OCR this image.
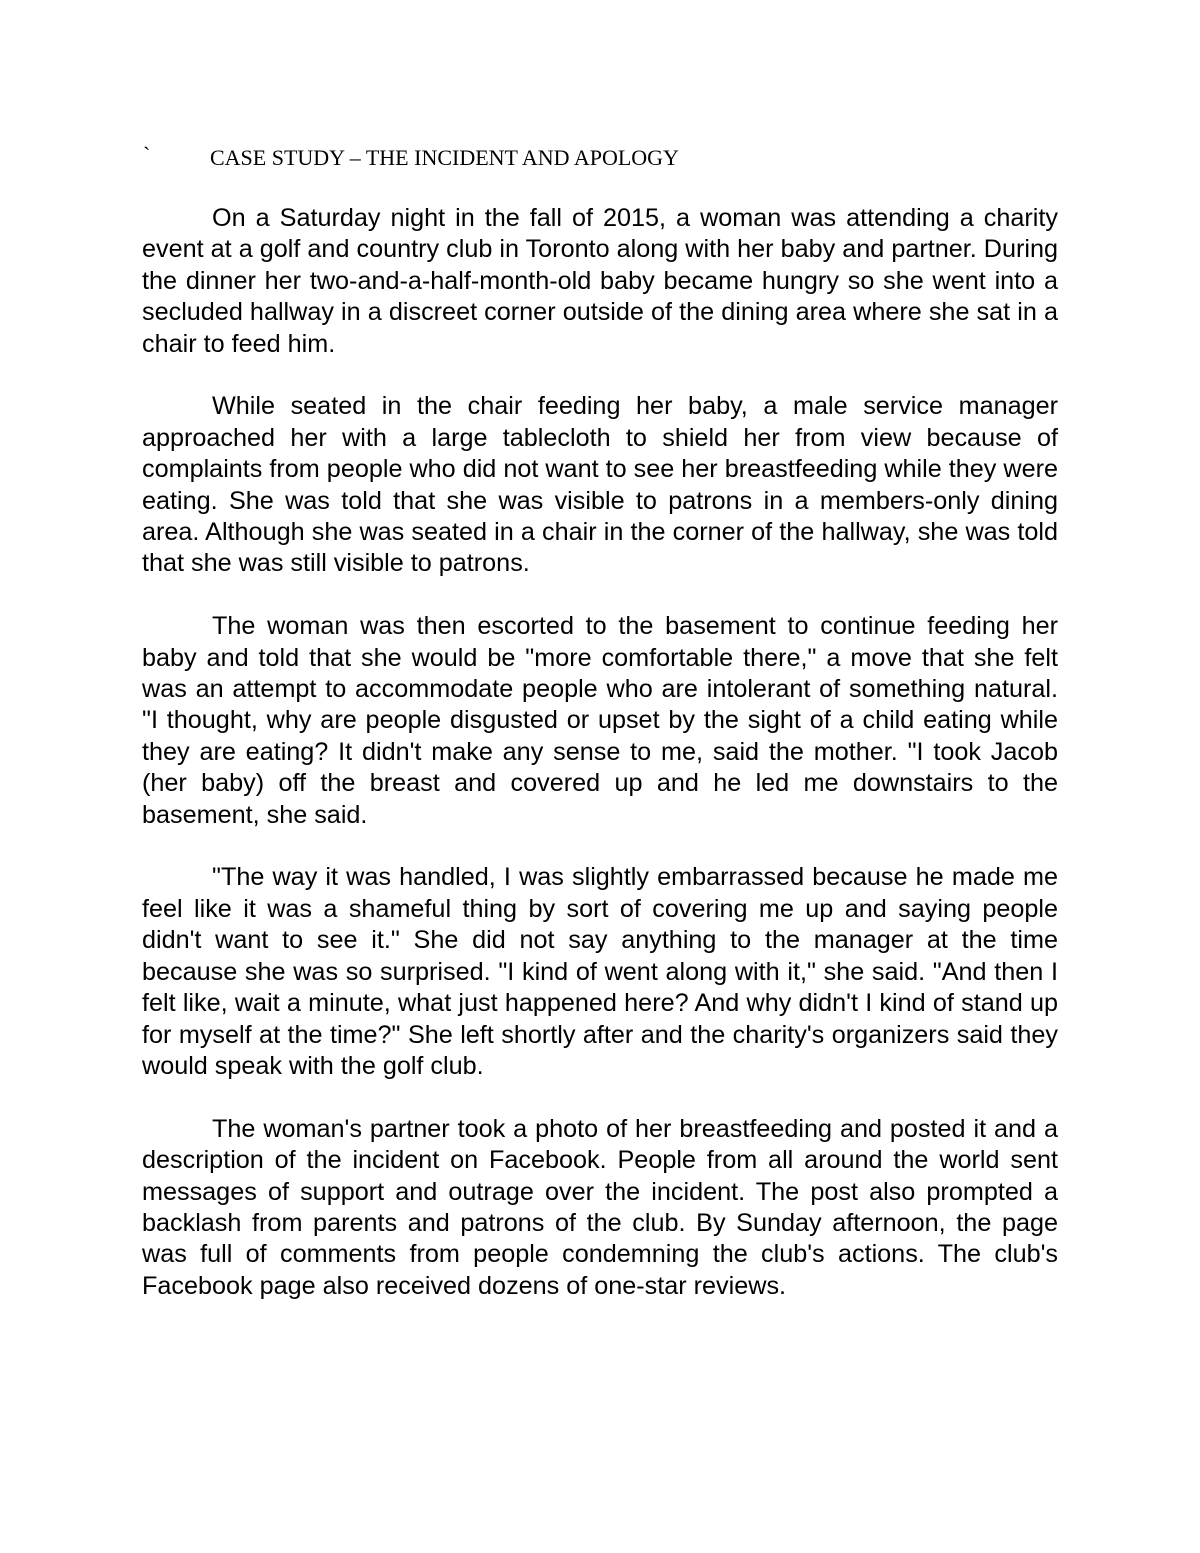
`	CASE STUDY – THE INCIDENT AND APOLOGY

On a Saturday night in the fall of 2015, a woman was attending a charity event at a golf and country club in Toronto along with her baby and partner. During the dinner her two-and-a-half-month-old baby became hungry so she went into a secluded hallway in a discreet corner outside of the dining area where she sat in a chair to feed him.

While seated in the chair feeding her baby, a male service manager approached her with a large tablecloth to shield her from view because of complaints from people who did not want to see her breastfeeding while they were eating. She was told that she was visible to patrons in a members-only dining area. Although she was seated in a chair in the corner of the hallway, she was told that she was still visible to patrons.

The woman was then escorted to the basement to continue feeding her baby and told that she would be "more comfortable there," a move that she felt was an attempt to accommodate people who are intolerant of something natural. "I thought, why are people disgusted or upset by the sight of a child eating while they are eating? It didn't make any sense to me, said the mother. "I took Jacob (her baby) off the breast and covered up and he led me downstairs to the basement, she said.

"The way it was handled, I was slightly embarrassed because he made me feel like it was a shameful thing by sort of covering me up and saying people didn't want to see it." She did not say anything to the manager at the time because she was so surprised. "I kind of went along with it," she said. "And then I felt like, wait a minute, what just happened here? And why didn't I kind of stand up for myself at the time?" She left shortly after and the charity's organizers said they would speak with the golf club.

The woman's partner took a photo of her breastfeeding and posted it and a description of the incident on Facebook. People from all around the world sent messages of support and outrage over the incident. The post also prompted a backlash from parents and patrons of the club. By Sunday afternoon, the page was full of comments from people condemning the club's actions. The club's Facebook page also received dozens of one-star reviews.
